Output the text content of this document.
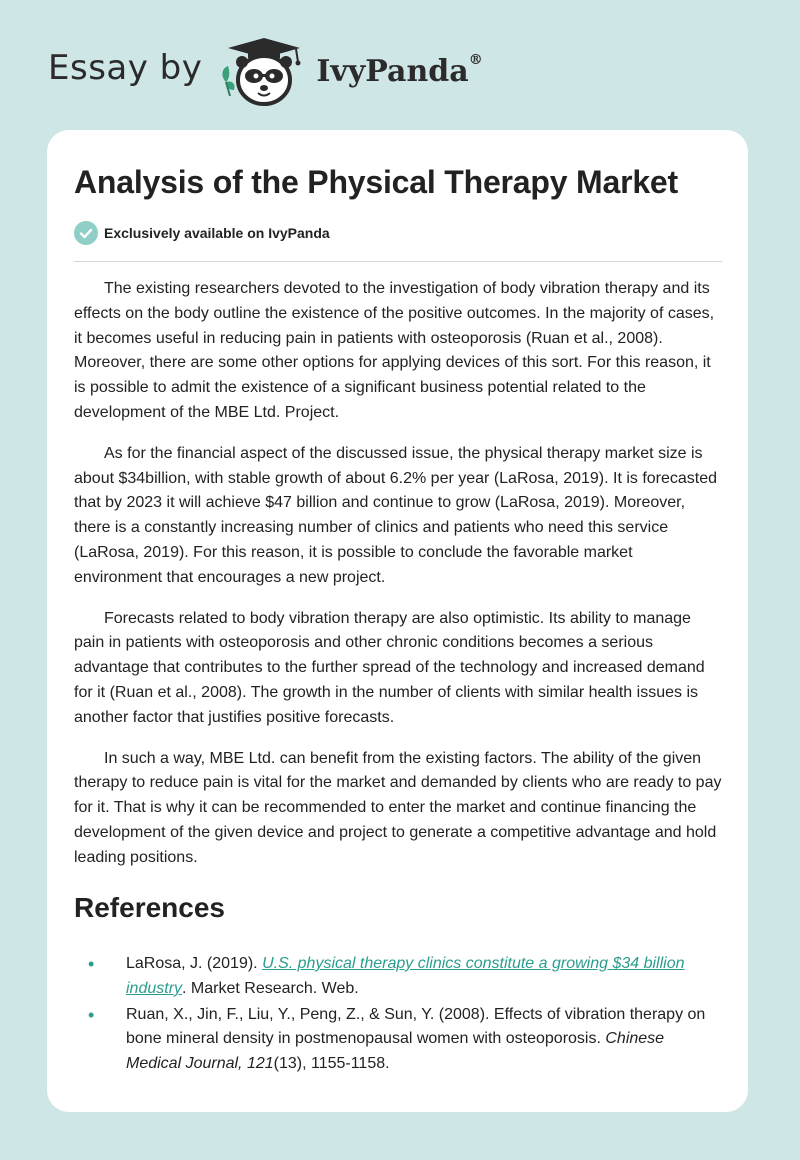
Essay by	IvyPanda®
Analysis of the Physical Therapy Market
Exclusively available on IvyPanda

The existing researchers devoted to the investigation of body vibration therapy and its effects on the body outline the existence of the positive outcomes. In the majority of cases, it becomes useful in reducing pain in patients with osteoporosis (Ruan et al., 2008). Moreover, there are some other options for applying devices of this sort. For this reason, it is possible to admit the existence of a significant business potential related to the development of the MBE Ltd. Project.

As for the financial aspect of the discussed issue, the physical therapy market size is about $34billion, with stable growth of about 6.2% per year (LaRosa, 2019). It is forecasted that by 2023 it will achieve $47 billion and continue to grow (LaRosa, 2019). Moreover, there is a constantly increasing number of clinics and patients who need this service (LaRosa, 2019). For this reason, it is possible to conclude the favorable market environment that encourages a new project.

Forecasts related to body vibration therapy are also optimistic. Its ability to manage pain in patients with osteoporosis and other chronic conditions becomes a serious advantage that contributes to the further spread of the technology and increased demand for it (Ruan et al., 2008). The growth in the number of clients with similar health issues is another factor that justifies positive forecasts.

In such a way, MBE Ltd. can benefit from the existing factors. The ability of the given therapy to reduce pain is vital for the market and demanded by clients who are ready to pay for it. That is why it can be recommended to enter the market and continue financing the development of the given device and project to generate a competitive advantage and hold leading positions.

References
• LaRosa, J. (2019). U.S. physical therapy clinics constitute a growing $34 billion industry. Market Research. Web.
• Ruan, X., Jin, F., Liu, Y., Peng, Z., & Sun, Y. (2008). Effects of vibration therapy on bone mineral density in postmenopausal women with osteoporosis. Chinese Medical Journal, 121(13), 1155-1158.
